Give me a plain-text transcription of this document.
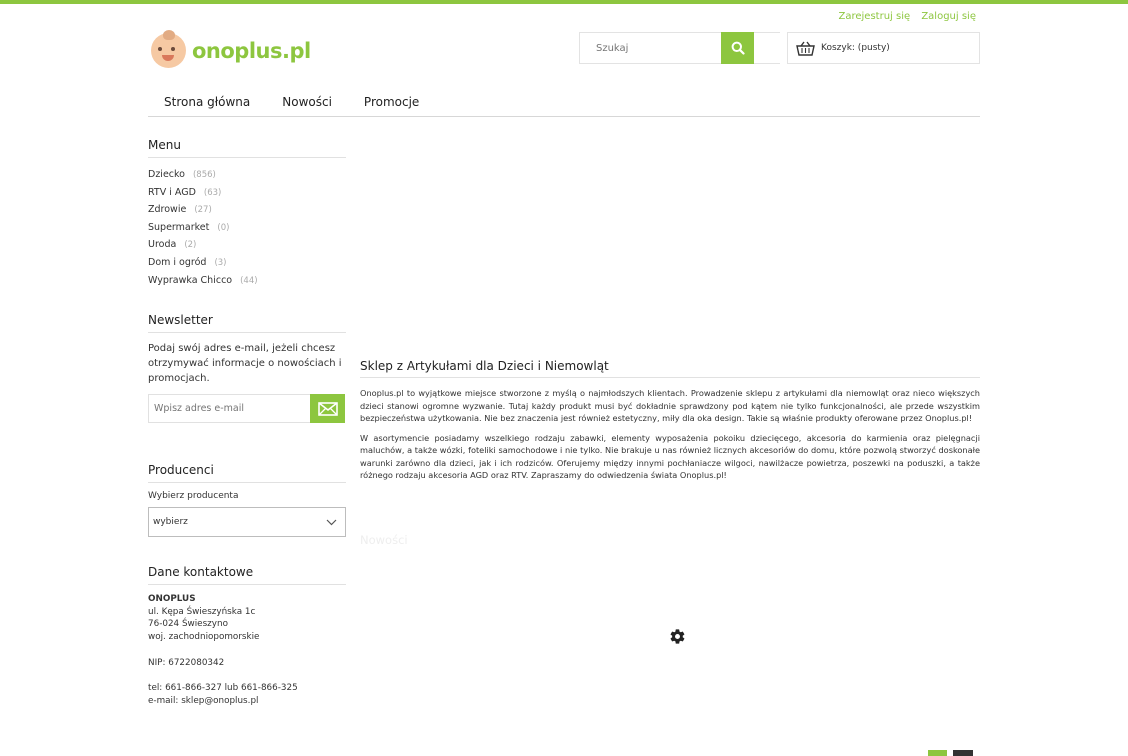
Zarejestruj się Zaloguj się
onoplus.pl
Szukaj	Koszyk: (pusty)
Strona główna	Nowości	Promocje
Menu
Dziecko (856)
RTV i AGD (63)
Zdrowie (27)
Supermarket (0)
Uroda (2)
Dom i ogród (3)
Wyprawka Chicco (44)
Newsletter
Podaj swój adres e-mail, jeżeli chcesz otrzymywać informacje o nowościach i promocjach.
Wpisz adres e-mail
Producenci
Wybierz producenta
wybierz
Dane kontaktowe
ONOPLUS
ul. Kępa Świeszyńska 1c
76-024 Świeszyno
woj. zachodniopomorskie
NIP: 6722080342
tel: 661-866-327 lub 661-866-325
e-mail: sklep@onoplus.pl
Sklep z Artykułami dla Dzieci i Niemowląt

Onoplus.pl to wyjątkowe miejsce stworzone z myślą o najmłodszych klientach. Prowadzenie sklepu z artykułami dla niemowląt oraz nieco większych dzieci stanowi ogromne wyzwanie. Tutaj każdy produkt musi być dokładnie sprawdzony pod kątem nie tylko funkcjonalności, ale przede wszystkim bezpieczeństwa użytkowania. Nie bez znaczenia jest również estetyczny, miły dla oka design. Takie są właśnie produkty oferowane przez Onoplus.pl!

W asortymencie posiadamy wszelkiego rodzaju zabawki, elementy wyposażenia pokoiku dziecięcego, akcesoria do karmienia oraz pielęgnacji maluchów, a także wózki, foteliki samochodowe i nie tylko. Nie brakuje u nas również licznych akcesoriów do domu, które pozwolą stworzyć doskonałe warunki zarówno dla dzieci, jak i ich rodziców. Oferujemy między innymi pochłaniacze wilgoci, nawilżacze powietrza, poszewki na poduszki, a także różnego rodzaju akcesoria AGD oraz RTV. Zapraszamy do odwiedzenia świata Onoplus.pl!

Nowości
